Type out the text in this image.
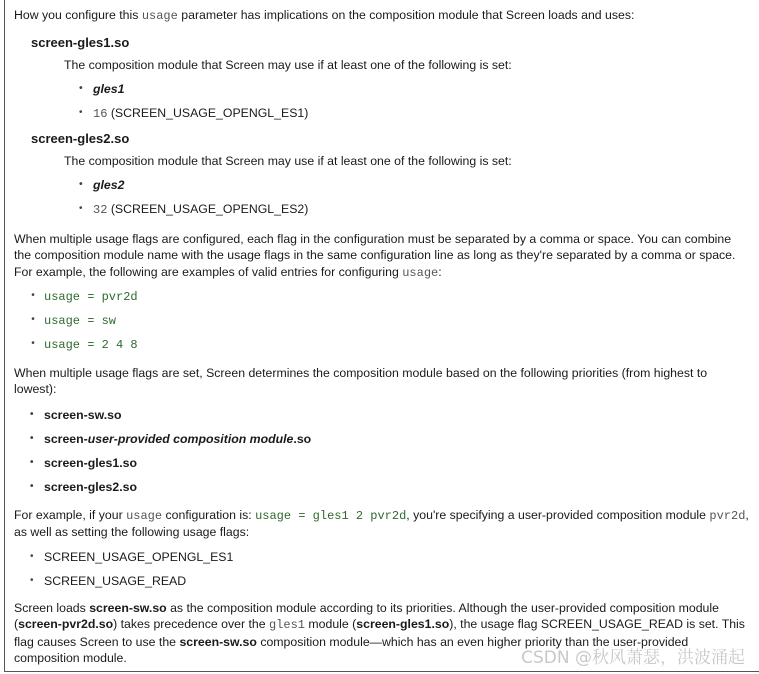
How you configure this usage parameter has implications on the composition module that Screen loads and uses:
screen-gles1.so
The composition module that Screen may use if at least one of the following is set:
• gles1
• 16 (SCREEN_USAGE_OPENGL_ES1)
screen-gles2.so
The composition module that Screen may use if at least one of the following is set:
• gles2
• 32 (SCREEN_USAGE_OPENGL_ES2)
When multiple usage flags are configured, each flag in the configuration must be separated by a comma or space. You can combine the composition module name with the usage flags in the same configuration line as long as they're separated by a comma or space. For example, the following are examples of valid entries for configuring usage:
• usage = pvr2d
• usage = sw
• usage = 2 4 8
When multiple usage flags are set, Screen determines the composition module based on the following priorities (from highest to lowest):
• screen-sw.so
• screen-user-provided composition module.so
• screen-gles1.so
• screen-gles2.so
For example, if your usage configuration is: usage = gles1 2 pvr2d, you're specifying a user-provided composition module pvr2d, as well as setting the following usage flags:
• SCREEN_USAGE_OPENGL_ES1
• SCREEN_USAGE_READ
Screen loads screen-sw.so as the composition module according to its priorities. Although the user-provided composition module (screen-pvr2d.so) takes precedence over the gles1 module (screen-gles1.so), the usage flag SCREEN_USAGE_READ is set. This flag causes Screen to use the screen-sw.so composition module—which has an even higher priority than the user-provided composition module.	CSDN @秋风萧瑟，洪波涌起
